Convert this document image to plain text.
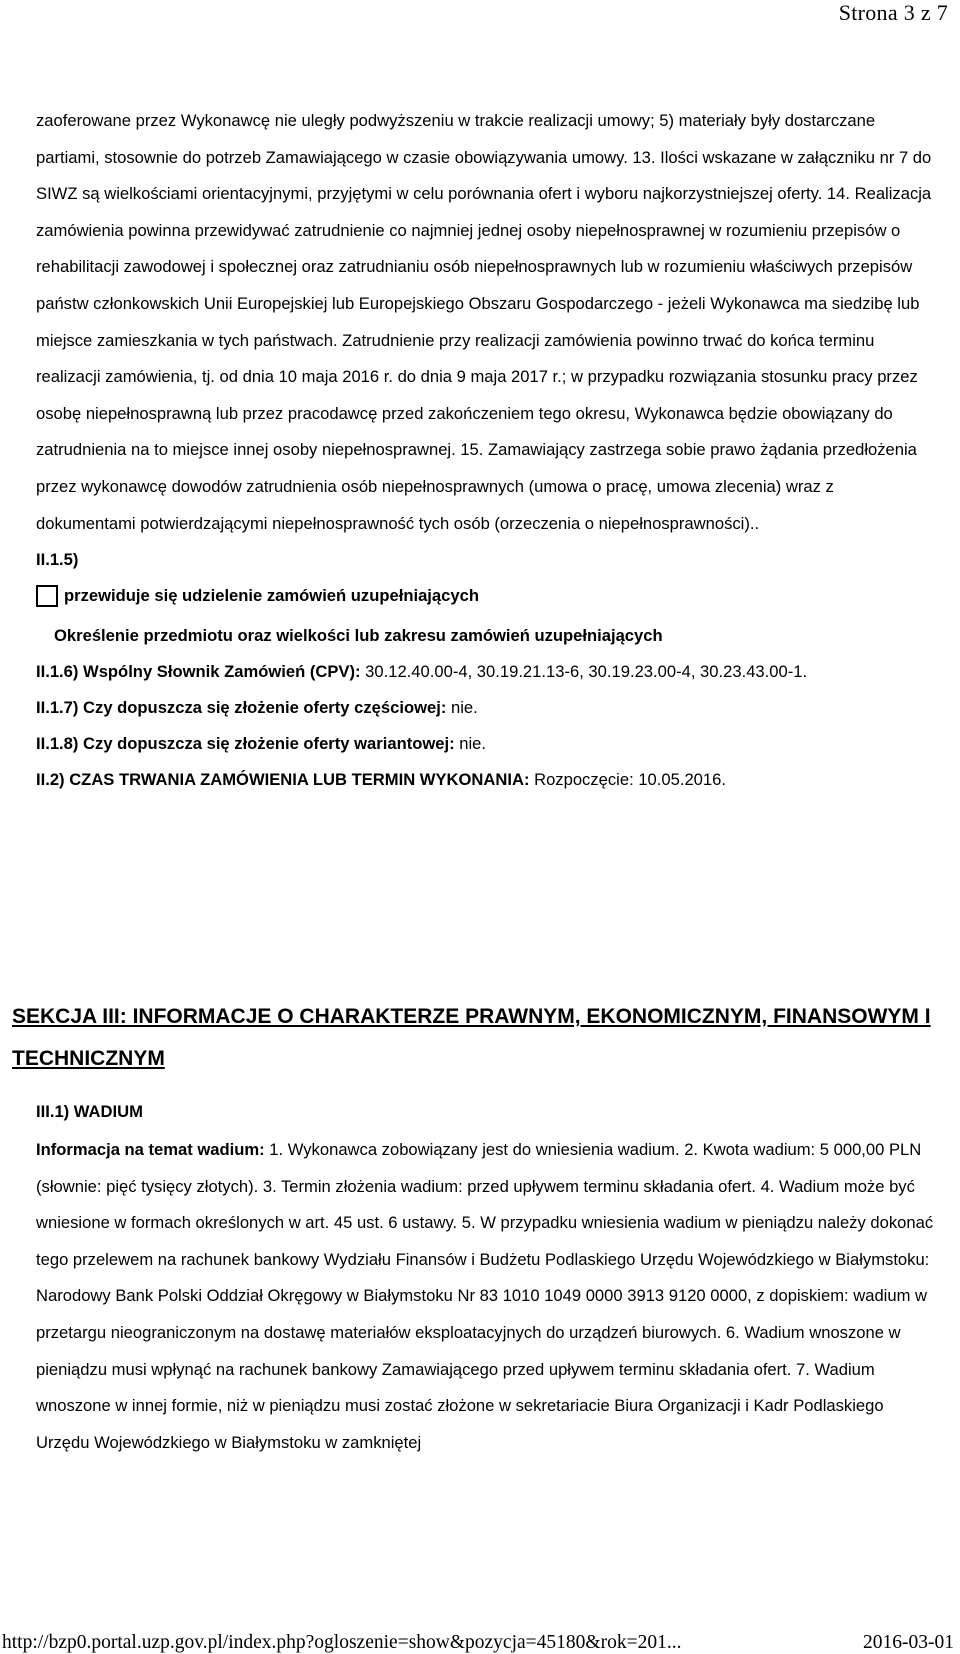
Strona 3 z 7

zaoferowane przez Wykonawcę nie uległy podwyższeniu w trakcie realizacji umowy; 5) materiały były dostarczane partiami, stosownie do potrzeb Zamawiającego w czasie obowiązywania umowy. 13. Ilości wskazane w załączniku nr 7 do SIWZ są wielkościami orientacyjnymi, przyjętymi w celu porównania ofert i wyboru najkorzystniejszej oferty. 14. Realizacja zamówienia powinna przewidywać zatrudnienie co najmniej jednej osoby niepełnosprawnej w rozumieniu przepisów o rehabilitacji zawodowej i społecznej oraz zatrudnianiu osób niepełnosprawnych lub w rozumieniu właściwych przepisów państw członkowskich Unii Europejskiej lub Europejskiego Obszaru Gospodarczego - jeżeli Wykonawca ma siedzibę lub miejsce zamieszkania w tych państwach. Zatrudnienie przy realizacji zamówienia powinno trwać do końca terminu realizacji zamówienia, tj. od dnia 10 maja 2016 r. do dnia 9 maja 2017 r.; w przypadku rozwiązania stosunku pracy przez osobę niepełnosprawną lub przez pracodawcę przed zakończeniem tego okresu, Wykonawca będzie obowiązany do zatrudnienia na to miejsce innej osoby niepełnosprawnej. 15. Zamawiający zastrzega sobie prawo żądania przedłożenia przez wykonawcę dowodów zatrudnienia osób niepełnosprawnych (umowa o pracę, umowa zlecenia) wraz z dokumentami potwierdzającymi niepełnosprawność tych osób (orzeczenia o niepełnosprawności)..

II.1.5)

przewiduje się udzielenie zamówień uzupełniających

Określenie przedmiotu oraz wielkości lub zakresu zamówień uzupełniających

II.1.6) Wspólny Słownik Zamówień (CPV): 30.12.40.00-4, 30.19.21.13-6, 30.19.23.00-4, 30.23.43.00-1.

II.1.7) Czy dopuszcza się złożenie oferty częściowej: nie.

II.1.8) Czy dopuszcza się złożenie oferty wariantowej: nie.

II.2) CZAS TRWANIA ZAMÓWIENIA LUB TERMIN WYKONANIA: Rozpoczęcie: 10.05.2016.

SEKCJA III: INFORMACJE O CHARAKTERZE PRAWNYM, EKONOMICZNYM, FINANSOWYM I TECHNICZNYM

III.1) WADIUM

Informacja na temat wadium: 1. Wykonawca zobowiązany jest do wniesienia wadium. 2. Kwota wadium: 5 000,00 PLN (słownie: pięć tysięcy złotych). 3. Termin złożenia wadium: przed upływem terminu składania ofert. 4. Wadium może być wniesione w formach określonych w art. 45 ust. 6 ustawy. 5. W przypadku wniesienia wadium w pieniądzu należy dokonać tego przelewem na rachunek bankowy Wydziału Finansów i Budżetu Podlaskiego Urzędu Wojewódzkiego w Białymstoku: Narodowy Bank Polski Oddział Okręgowy w Białymstoku Nr 83 1010 1049 0000 3913 9120 0000, z dopiskiem: wadium w przetargu nieograniczonym na dostawę materiałów eksploatacyjnych do urządzeń biurowych. 6. Wadium wnoszone w pieniądzu musi wpłynąć na rachunek bankowy Zamawiającego przed upływem terminu składania ofert. 7. Wadium wnoszone w innej formie, niż w pieniądzu musi zostać złożone w sekretariacie Biura Organizacji i Kadr Podlaskiego Urzędu Wojewódzkiego w Białymstoku w zamkniętej

http://bzp0.portal.uzp.gov.pl/index.php?ogloszenie=show&pozycja=45180&rok=201...	2016-03-01
